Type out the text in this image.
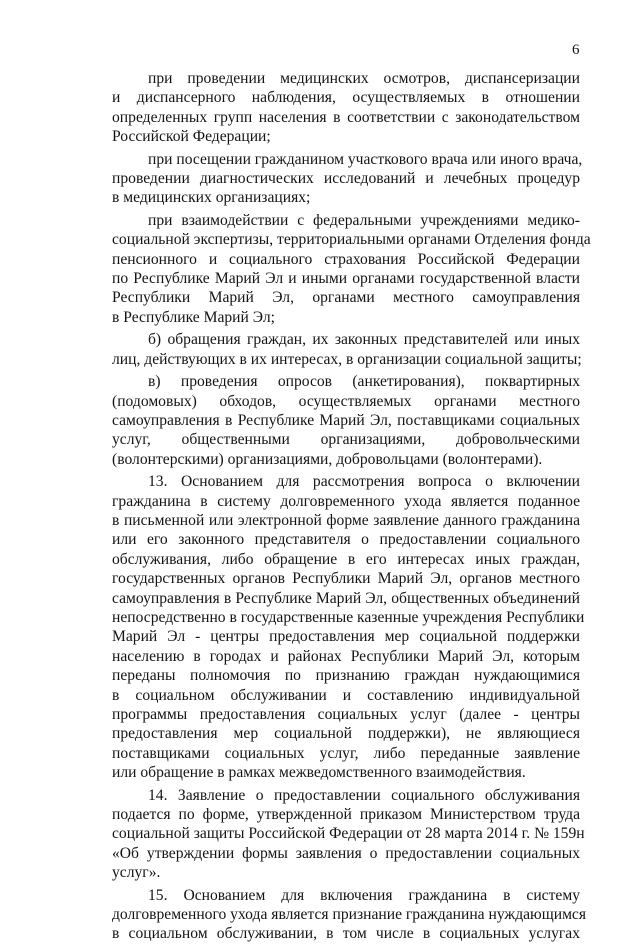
6

при проведении медицинских осмотров, диспансеризации
и диспансерного наблюдения, осуществляемых в отношении
определенных групп населения в соответствии с законодательством
Российской Федерации;

при посещении гражданином участкового врача или иного врача,
проведении диагностических исследований и лечебных процедур
в медицинских организациях;

при взаимодействии с федеральными учреждениями медико-
социальной экспертизы, территориальными органами Отделения фонда
пенсионного и социального страхования Российской Федерации
по Республике Марий Эл и иными органами государственной власти
Республики Марий Эл, органами местного самоуправления
в Республике Марий Эл;

б) обращения граждан, их законных представителей или иных
лиц, действующих в их интересах, в организации социальной защиты;

в) проведения опросов (анкетирования), поквартирных
(подомовых) обходов, осуществляемых органами местного
самоуправления в Республике Марий Эл, поставщиками социальных
услуг, общественными организациями, добровольческими
(волонтерскими) организациями, добровольцами (волонтерами).

13. Основанием для рассмотрения вопроса о включении
гражданина в систему долговременного ухода является поданное
в письменной или электронной форме заявление данного гражданина
или его законного представителя о предоставлении социального
обслуживания, либо обращение в его интересах иных граждан,
государственных органов Республики Марий Эл, органов местного
самоуправления в Республике Марий Эл, общественных объединений
непосредственно в государственные казенные учреждения Республики
Марий Эл - центры предоставления мер социальной поддержки
населению в городах и районах Республики Марий Эл, которым
переданы полномочия по признанию граждан нуждающимися
в социальном обслуживании и составлению индивидуальной
программы предоставления социальных услуг (далее - центры
предоставления мер социальной поддержки), не являющиеся
поставщиками социальных услуг, либо переданные заявление
или обращение в рамках межведомственного взаимодействия.

14. Заявление о предоставлении социального обслуживания
подается по форме, утвержденной приказом Министерством труда
социальной защиты Российской Федерации от 28 марта 2014 г. № 159н
«Об утверждении формы заявления о предоставлении социальных
услуг».

15. Основанием для включения гражданина в систему
долговременного ухода является признание гражданина нуждающимся
в социальном обслуживании, в том числе в социальных услугах
